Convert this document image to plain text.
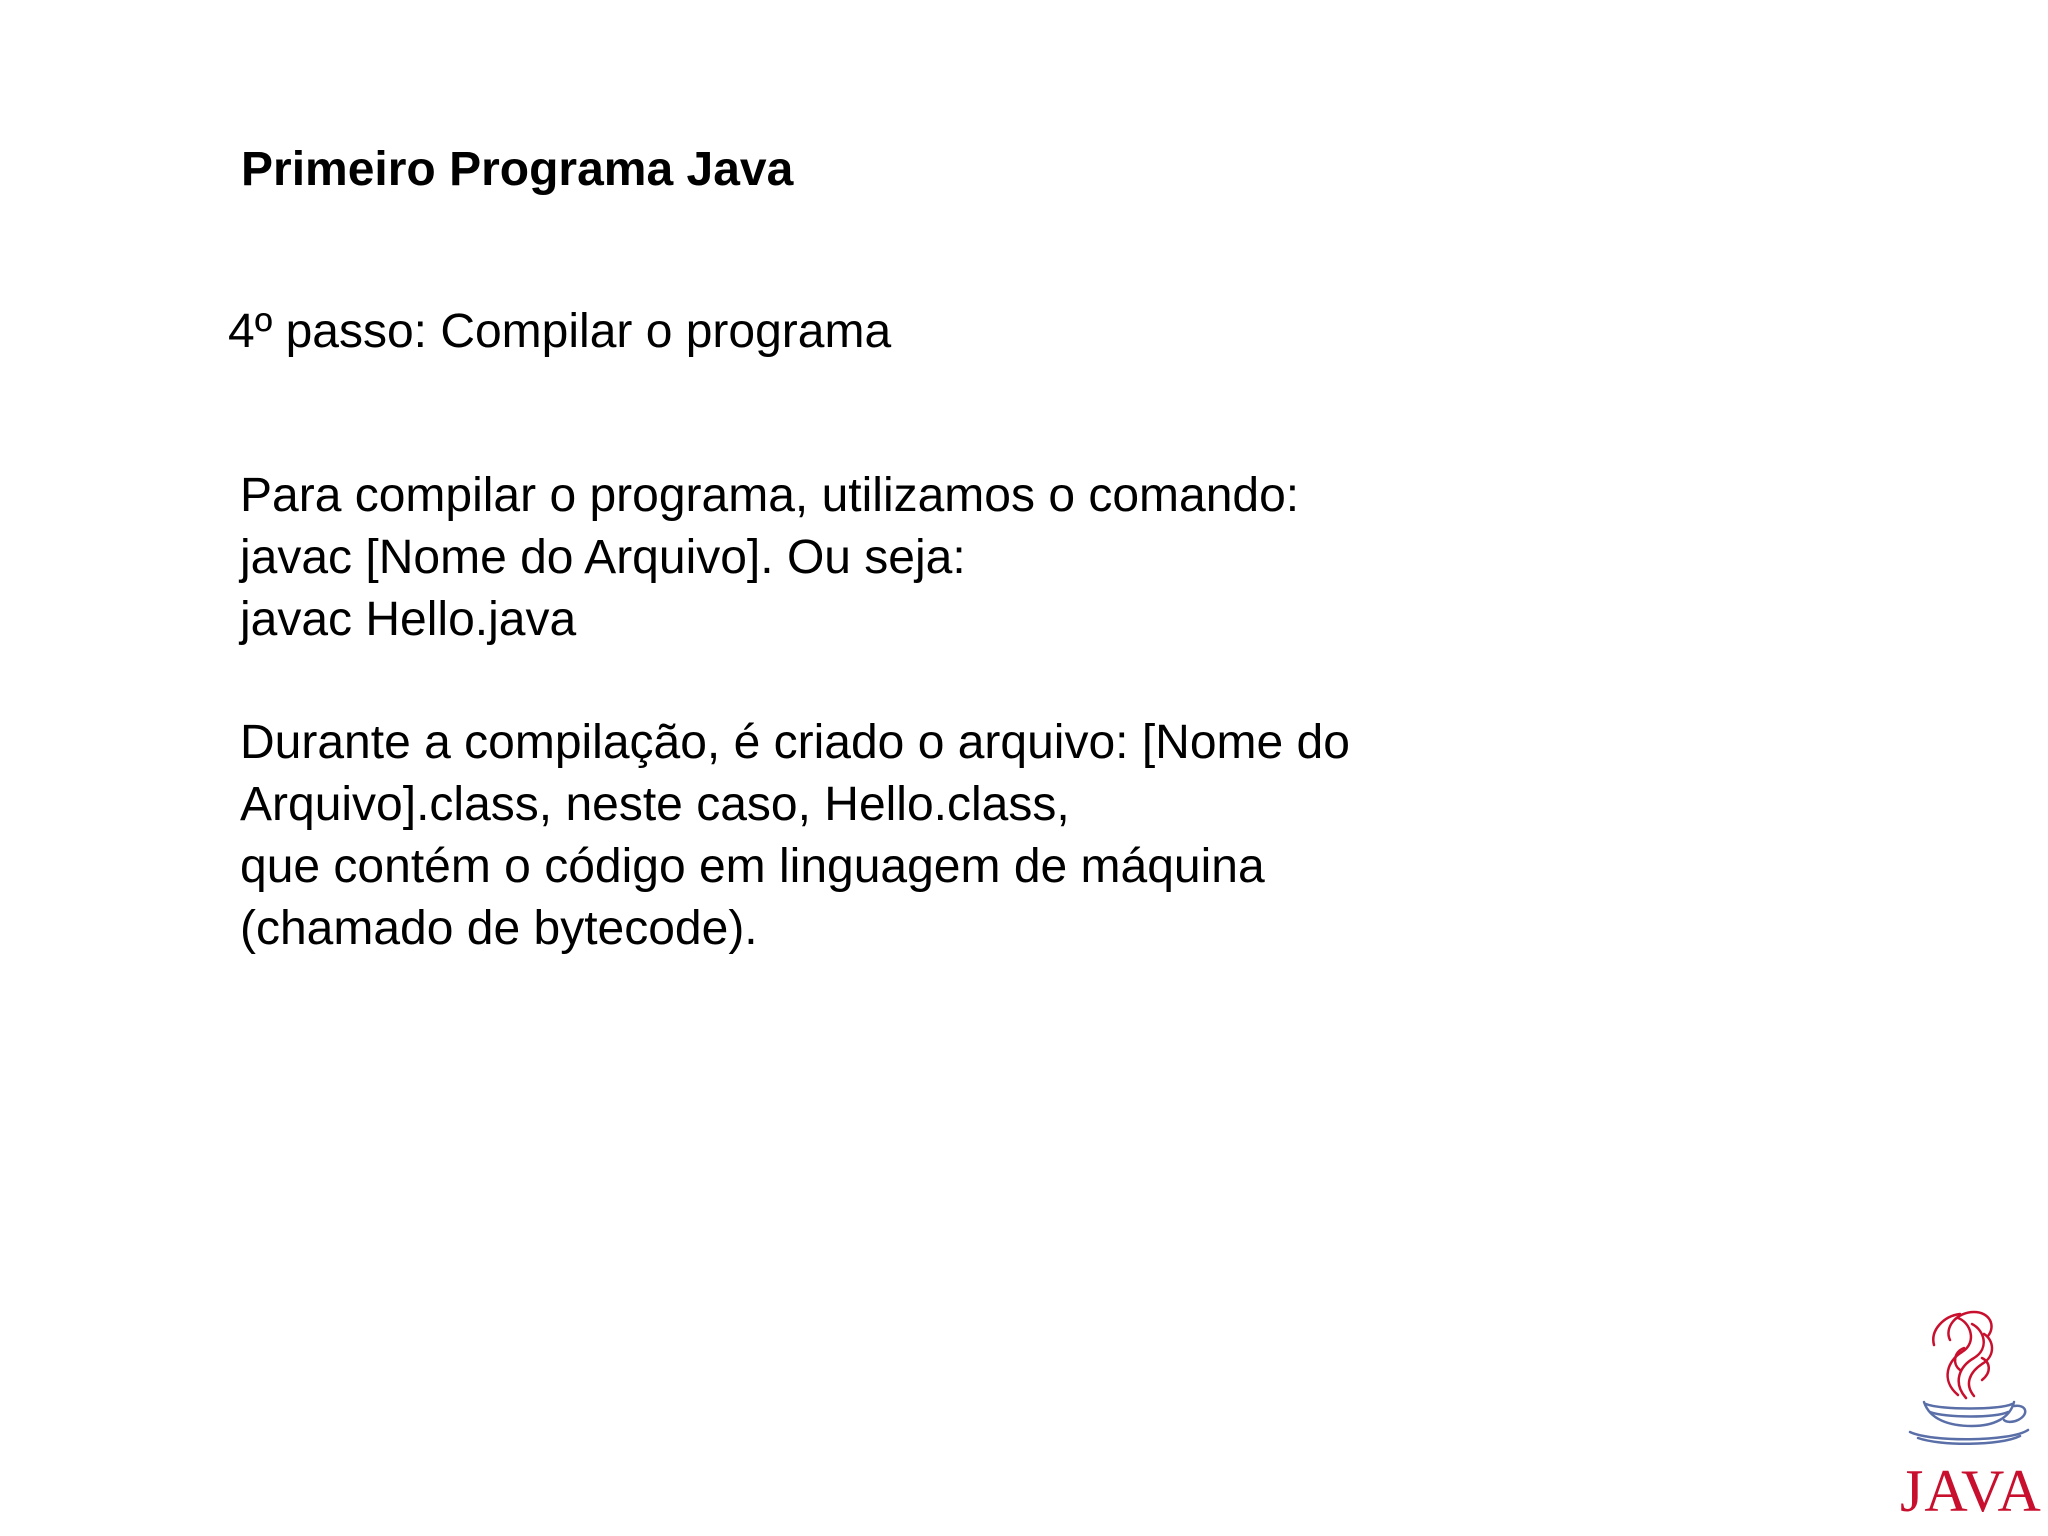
Primeiro Programa Java
4º passo: Compilar o programa
Para compilar o programa, utilizamos o comando:
javac [Nome do Arquivo]. Ou seja:
javac Hello.java
Durante a compilação, é criado o arquivo: [Nome do
Arquivo].class, neste caso, Hello.class,
que contém o código em linguagem de máquina
(chamado de bytecode).
JAVA
